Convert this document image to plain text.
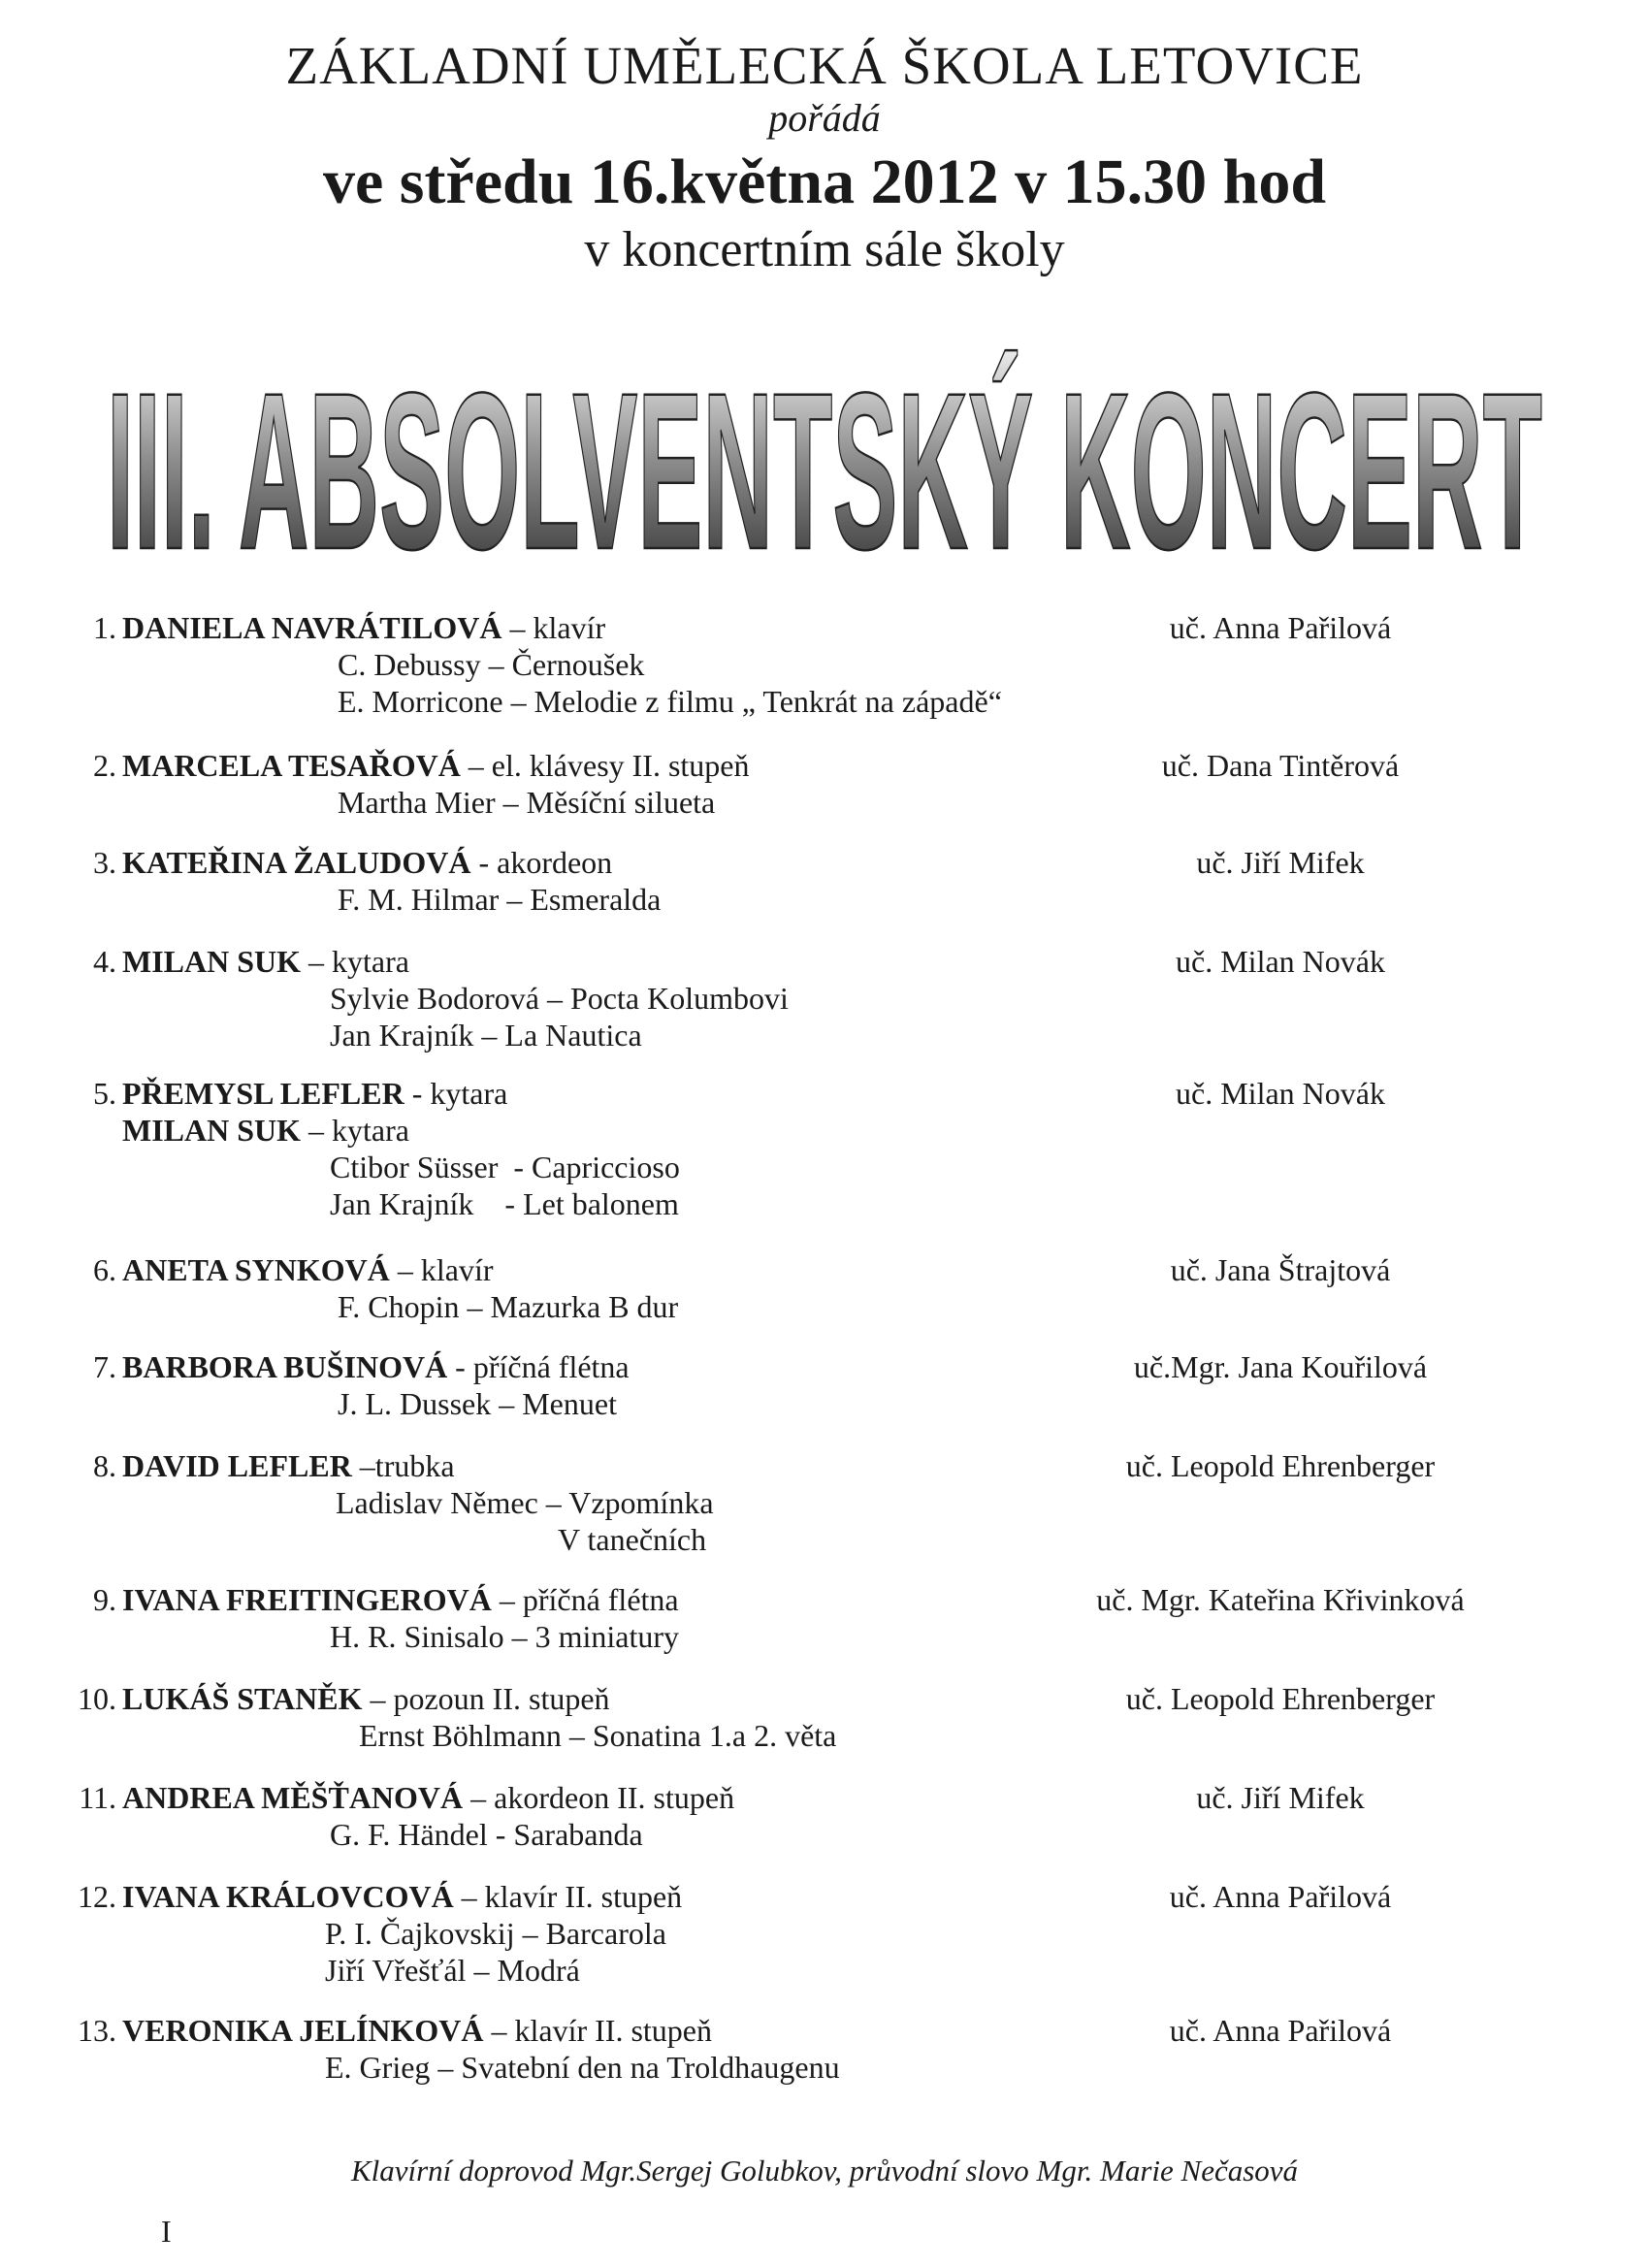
ZÁKLADNÍ UMĚLECKÁ ŠKOLA LETOVICE
pořádá
ve středu 16.května 2012 v 15.30 hod
v koncertním sále školy
III. ABSOLVENTSKÝ KONCERT
1. DANIELA NAVRÁTILOVÁ – klavír	uč. Anna Pařilová
C. Debussy – Černoušek
E. Morricone – Melodie z filmu „ Tenkrát na západě“
2. MARCELA TESAŘOVÁ – el. klávesy II. stupeň	uč. Dana Tintěrová
Martha Mier – Měsíční silueta
3. KATEŘINA ŽALUDOVÁ - akordeon	uč. Jiří Mifek
F. M. Hilmar – Esmeralda
4. MILAN SUK – kytara	uč. Milan Novák
Sylvie Bodorová – Pocta Kolumbovi
Jan Krajník – La Nautica
5. PŘEMYSL LEFLER - kytara	uč. Milan Novák
MILAN SUK – kytara
Ctibor Süsser  - Capriccioso
Jan Krajník    - Let balonem
6. ANETA SYNKOVÁ – klavír	uč. Jana Štrajtová
F. Chopin – Mazurka B dur
7. BARBORA BUŠINOVÁ - příčná flétna	uč.Mgr. Jana Kouřilová
J. L. Dussek – Menuet
8. DAVID LEFLER –trubka	uč. Leopold Ehrenberger
Ladislav Němec – Vzpomínka
V tanečních
9. IVANA FREITINGEROVÁ – příčná flétna	uč. Mgr. Kateřina Křivinková
H. R. Sinisalo – 3 miniatury
10. LUKÁŠ STANĚK – pozoun II. stupeň	uč. Leopold Ehrenberger
Ernst Böhlmann – Sonatina 1.a 2. věta
11. ANDREA MĚŠŤANOVÁ – akordeon II. stupeň	uč. Jiří Mifek
G. F. Händel - Sarabanda
12. IVANA KRÁLOVCOVÁ – klavír II. stupeň	uč. Anna Pařilová
P. I. Čajkovskij – Barcarola
Jiří Vřešťál – Modrá
13. VERONIKA JELÍNKOVÁ – klavír II. stupeň	uč. Anna Pařilová
E. Grieg – Svatební den na Troldhaugenu
Klavírní doprovod Mgr.Sergej Golubkov, průvodní slovo Mgr. Marie Nečasová
I
